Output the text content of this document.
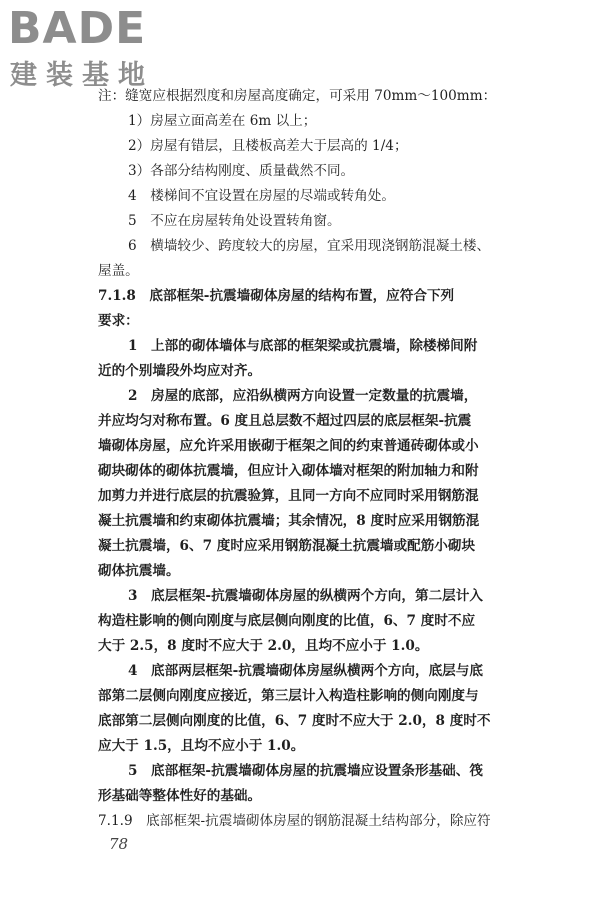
BADE
建装基地
注：缝宽应根据烈度和房屋高度确定，可采用 70mm～100mm：
1）房屋立面高差在 6m 以上；
2）房屋有错层，且楼板高差大于层高的 1/4；
3）各部分结构刚度、质量截然不同。
4　楼梯间不宜设置在房屋的尽端或转角处。
5　不应在房屋转角处设置转角窗。
6　横墙较少、跨度较大的房屋，宜采用现浇钢筋混凝土楼、
屋盖。
7.1.8　底部框架-抗震墙砌体房屋的结构布置，应符合下列
要求：
1　上部的砌体墙体与底部的框架梁或抗震墙，除楼梯间附
近的个别墙段外均应对齐。
2　房屋的底部，应沿纵横两方向设置一定数量的抗震墙，
并应均匀对称布置。6 度且总层数不超过四层的底层框架-抗震
墙砌体房屋，应允许采用嵌砌于框架之间的约束普通砖砌体或小
砌块砌体的砌体抗震墙，但应计入砌体墙对框架的附加轴力和附
加剪力并进行底层的抗震验算，且同一方向不应同时采用钢筋混
凝土抗震墙和约束砌体抗震墙；其余情况，8 度时应采用钢筋混
凝土抗震墙，6、7 度时应采用钢筋混凝土抗震墙或配筋小砌块
砌体抗震墙。
3　底层框架-抗震墙砌体房屋的纵横两个方向，第二层计入
构造柱影响的侧向刚度与底层侧向刚度的比值，6、7 度时不应
大于 2.5，8 度时不应大于 2.0，且均不应小于 1.0。
4　底部两层框架-抗震墙砌体房屋纵横两个方向，底层与底
部第二层侧向刚度应接近，第三层计入构造柱影响的侧向刚度与
底部第二层侧向刚度的比值，6、7 度时不应大于 2.0，8 度时不
应大于 1.5，且均不应小于 1.0。
5　底部框架-抗震墙砌体房屋的抗震墙应设置条形基础、筏
形基础等整体性好的基础。
7.1.9　底部框架-抗震墙砌体房屋的钢筋混凝土结构部分，除应符
78
